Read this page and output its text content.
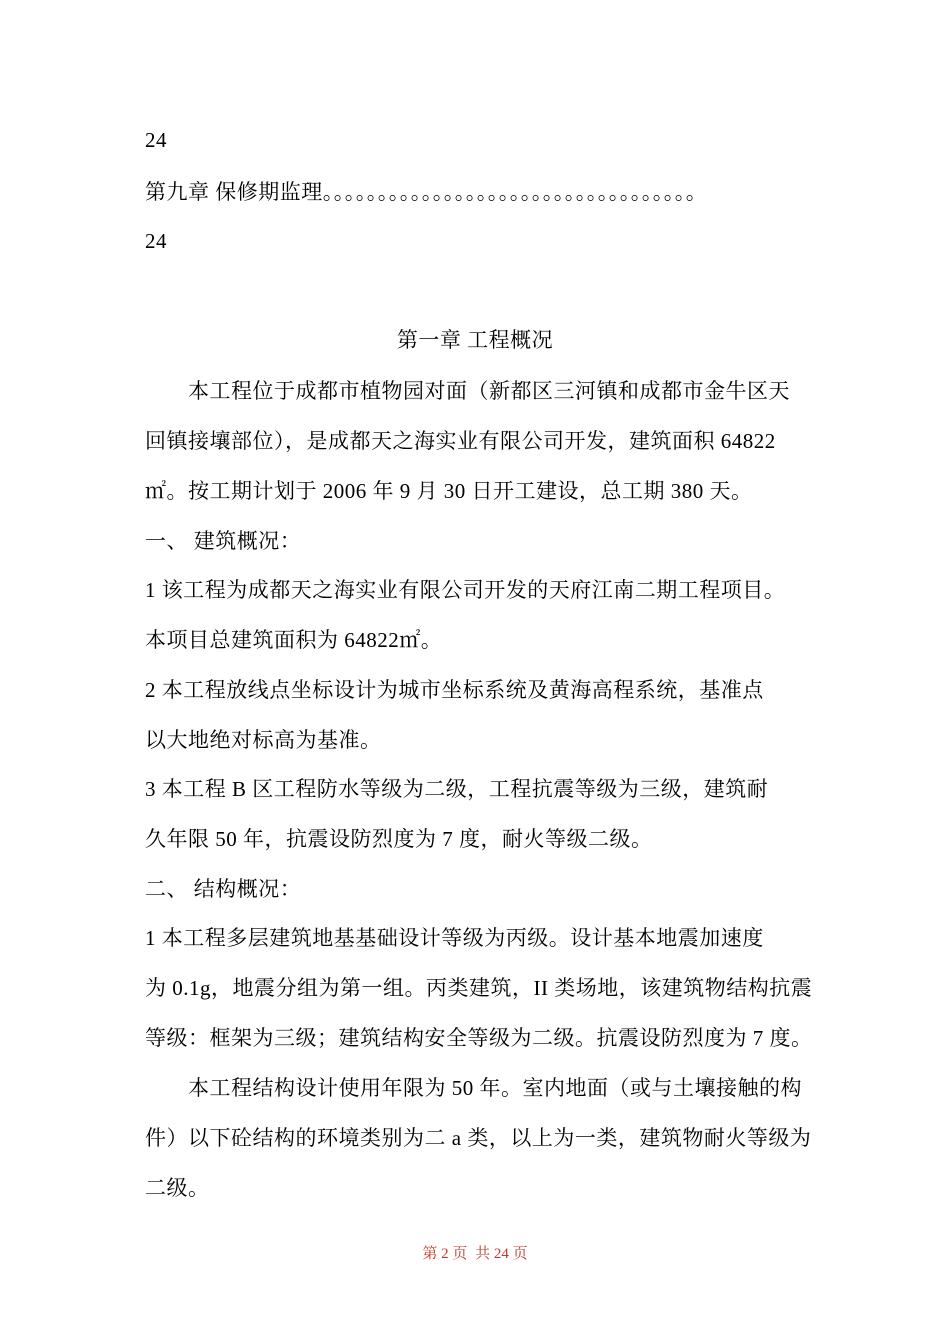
24
第九章 保修期监理。。。。。。。。。。。。。。。。。。。。。。。。。。。。。。。。。。
24
第一章 工程概况
本工程位于成都市植物园对面（新都区三河镇和成都市金牛区天
回镇接壤部位），是成都天之海实业有限公司开发，建筑面积 64822
㎡。按工期计划于 2006 年 9 月 30 日开工建设，总工期 380 天。
一、 建筑概况：
1 该工程为成都天之海实业有限公司开发的天府江南二期工程项目。
本项目总建筑面积为 64822㎡。
2 本工程放线点坐标设计为城市坐标系统及黄海高程系统，基准点
以大地绝对标高为基准。
3 本工程 B 区工程防水等级为二级，工程抗震等级为三级，建筑耐
久年限 50 年，抗震设防烈度为 7 度，耐火等级二级。
二、 结构概况：
1 本工程多层建筑地基基础设计等级为丙级。设计基本地震加速度
为 0.1g，地震分组为第一组。丙类建筑，II 类场地，该建筑物结构抗震
等级：框架为三级；建筑结构安全等级为二级。抗震设防烈度为 7 度。
本工程结构设计使用年限为 50 年。室内地面（或与土壤接触的构
件）以下砼结构的环境类别为二 a 类，以上为一类，建筑物耐火等级为
二级。
第 2 页 共 24 页
